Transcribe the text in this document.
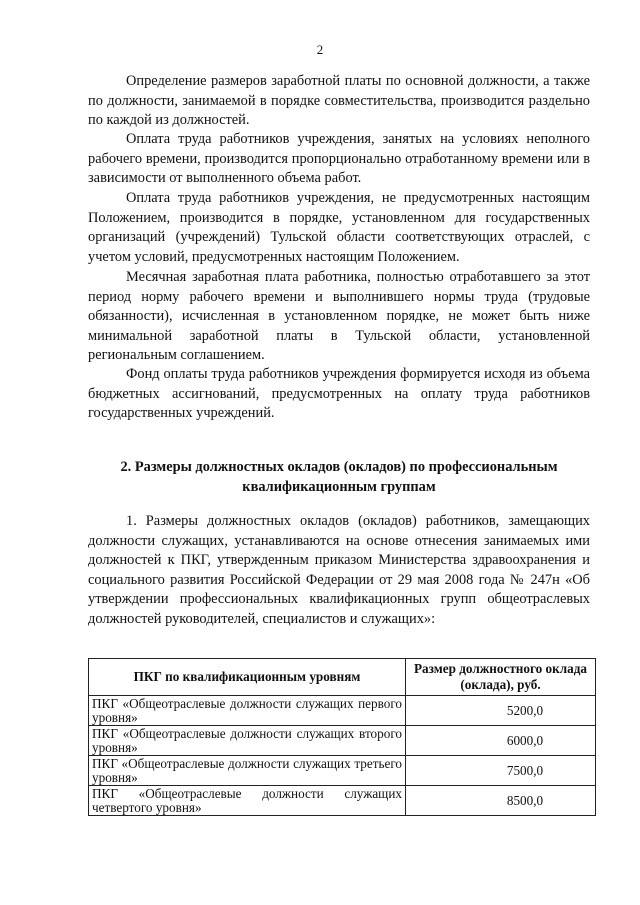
2

Определение размеров заработной платы по основной должности, а также по должности, занимаемой в порядке совместительства, производится раздельно по каждой из должностей.

Оплата труда работников учреждения, занятых на условиях неполного рабочего времени, производится пропорционально отработанному времени или в зависимости от выполненного объема работ.

Оплата труда работников учреждения, не предусмотренных настоящим Положением, производится в порядке, установленном для государственных организаций (учреждений) Тульской области соответствующих отраслей, с учетом условий, предусмотренных настоящим Положением.

Месячная заработная плата работника, полностью отработавшего за этот период норму рабочего времени и выполнившего нормы труда (трудовые обязанности), исчисленная в установленном порядке, не может быть ниже минимальной заработной платы в Тульской области, установленной региональным соглашением.

Фонд оплаты труда работников учреждения формируется исходя из объема бюджетных ассигнований, предусмотренных на оплату труда работников государственных учреждений.

2. Размеры должностных окладов (окладов) по профессиональным квалификационным группам

1. Размеры должностных окладов (окладов) работников, замещающих должности служащих, устанавливаются на основе отнесения занимаемых ими должностей к ПКГ, утвержденным приказом Министерства здравоохранения и социального развития Российской Федерации от 29 мая 2008 года № 247н «Об утверждении профессиональных квалификационных групп общеотраслевых должностей руководителей, специалистов и служащих»:

ПКГ по квалификационным уровням	Размер должностного оклада (оклада), руб.

ПКГ «Общеотраслевые должности служащих первого уровня»	5200,0

ПКГ «Общеотраслевые должности служащих второго уровня»	6000,0

ПКГ «Общеотраслевые должности служащих третьего уровня»	7500,0

ПКГ «Общеотраслевые должности служащих четвертого уровня»	8500,0
